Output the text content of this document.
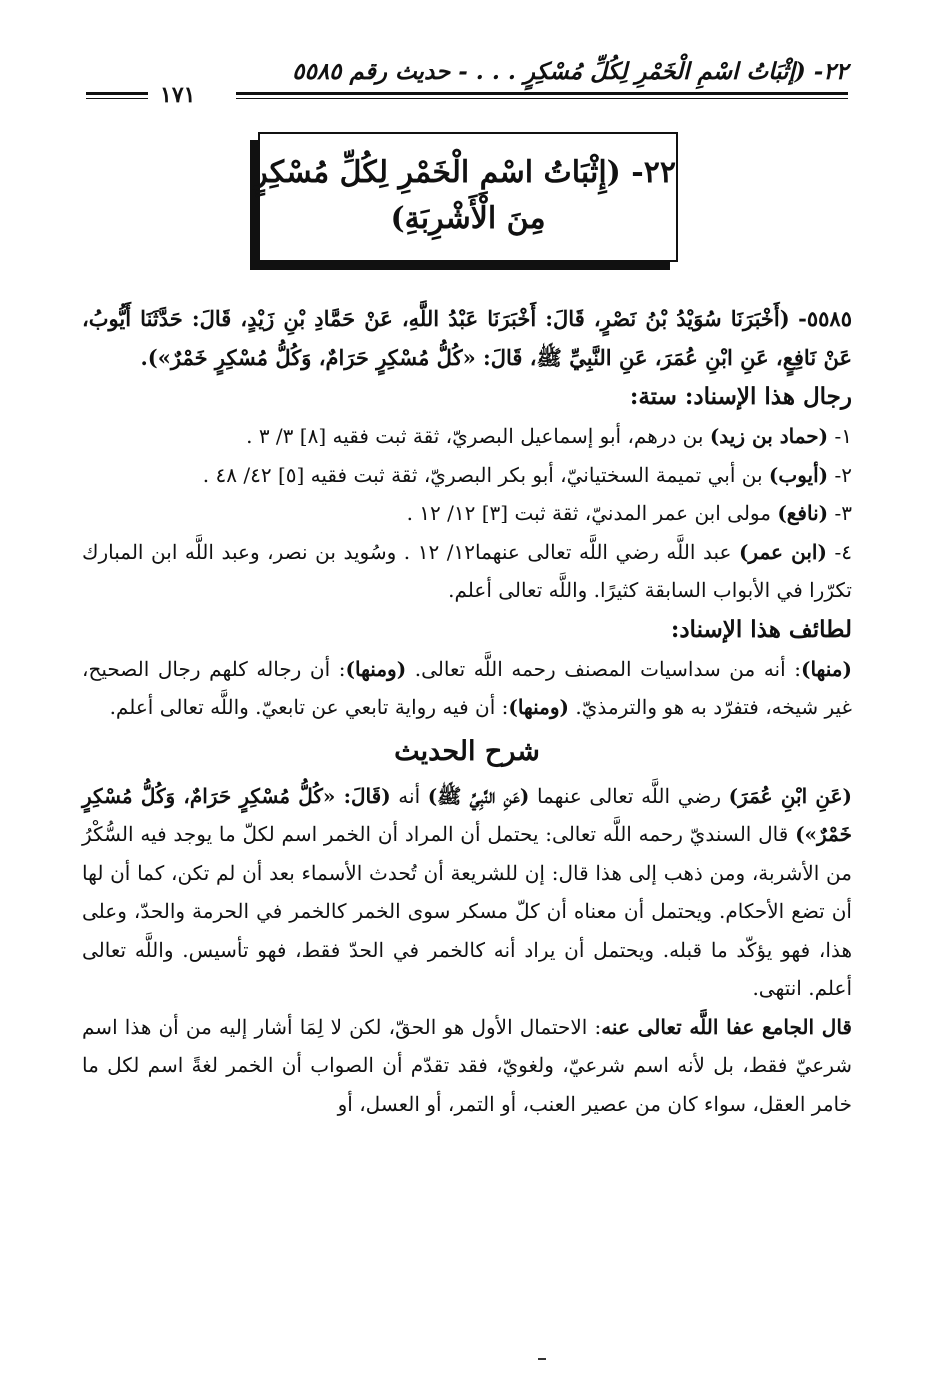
٢٢- (إثْبَاتُ اسْمِ الْخَمْرِ لِكُلِّ مُسْكِرٍ . . . - حديث رقم ٥٥٨٥
١٧١
٢٢- (إِثْبَاتُ اسْمِ الْخَمْرِ لِكُلِّ مُسْكِرٍ
مِنَ الْأَشْرِبَةِ)

٥٥٨٥- (أَخْبَرَنَا سُوَيْدُ بْنُ نَصْرٍ، قَالَ: أَخْبَرَنَا عَبْدُ اللَّهِ، عَنْ حَمَّادِ بْنِ زَيْدٍ، قَالَ: حَدَّثَنَا أَيُّوبُ، عَنْ نَافِعٍ، عَنِ ابْنِ عُمَرَ، عَنِ النَّبِيِّ ﷺ، قَالَ: «كُلُّ مُسْكِرٍ حَرَامٌ، وَكُلُّ مُسْكِرٍ خَمْرٌ»).

رجال هذا الإسناد: ستة:

١- (حماد بن زيد) بن درهم، أبو إسماعيل البصريّ، ثقة ثبت فقيه [٨] ٣/ ٣ .

٢- (أيوب) بن أبي تميمة السختيانيّ، أبو بكر البصريّ، ثقة ثبت فقيه [٥] ٤٢/ ٤٨ .

٣- (نافع) مولى ابن عمر المدنيّ، ثقة ثبت [٣] ١٢/ ١٢ .

٤- (ابن عمر) عبد اللَّه رضي اللَّه تعالى عنهما١٢/ ١٢ . وسُويد بن نصر، وعبد اللَّه ابن المبارك تكرّرا في الأبواب السابقة كثيرًا. واللَّه تعالى أعلم.

لطائف هذا الإسناد:

(منها): أنه من سداسيات المصنف رحمه اللَّه تعالى. (ومنها): أن رجاله كلهم رجال الصحيح، غير شيخه، فتفرّد به هو والترمذيّ. (ومنها): أن فيه رواية تابعي عن تابعيّ. واللَّه تعالى أعلم.

شرح الحديث

(عَنِ ابْنِ عُمَرَ) رضي اللَّه تعالى عنهما (عَنِ النَّبِيِّ ﷺ) أنه (قَالَ: «كُلُّ مُسْكِرٍ حَرَامٌ، وَكُلُّ مُسْكِرٍ خَمْرٌ») قال السنديّ رحمه اللَّه تعالى: يحتمل أن المراد أن الخمر اسم لكلّ ما يوجد فيه السُّكْرُ من الأشربة، ومن ذهب إلى هذا قال: إن للشريعة أن تُحدث الأسماء بعد أن لم تكن، كما أن لها أن تضع الأحكام. ويحتمل أن معناه أن كلّ مسكر سوى الخمر كالخمر في الحرمة والحدّ، وعلى هذا، فهو يؤكّد ما قبله. ويحتمل أن يراد أنه كالخمر في الحدّ فقط، فهو تأسيس. واللَّه تعالى أعلم. انتهى.

قال الجامع عفا اللَّه تعالى عنه: الاحتمال الأول هو الحقّ، لكن لا لِمَا أشار إليه من أن هذا اسم شرعيّ فقط، بل لأنه اسم شرعيّ، ولغويّ، فقد تقدّم أن الصواب أن الخمر لغةً اسم لكل ما خامر العقل، سواء كان من عصير العنب، أو التمر، أو العسل، أو
